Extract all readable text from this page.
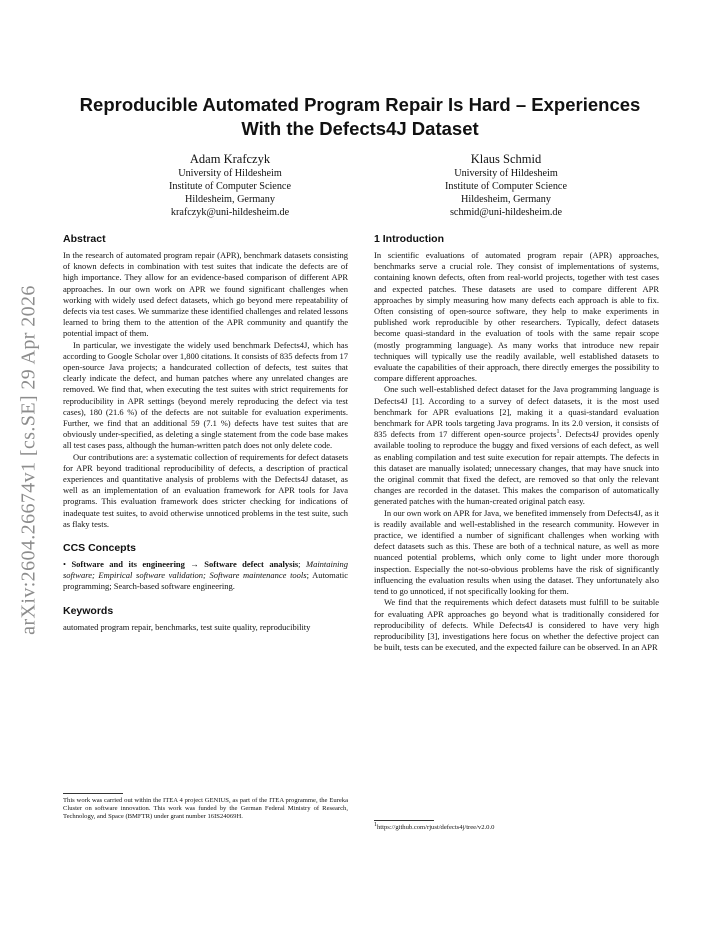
arXiv:2604.26674v1 [cs.SE] 29 Apr 2026
Reproducible Automated Program Repair Is Hard – Experiences With the Defects4J Dataset
Adam Krafczyk
University of Hildesheim
Institute of Computer Science
Hildesheim, Germany
krafczyk@uni-hildesheim.de
Klaus Schmid
University of Hildesheim
Institute of Computer Science
Hildesheim, Germany
schmid@uni-hildesheim.de
Abstract

In the research of automated program repair (APR), benchmark datasets consisting of known defects in combination with test suites that indicate the defects are of high importance. They allow for an evidence-based comparison of different APR approaches. In our own work on APR we found significant challenges when working with widely used defect datasets, which go beyond mere repeatability of defects via test cases. We summarize these identified challenges and related lessons learned to bring them to the attention of the APR community and quantify the potential impact of them.

In particular, we investigate the widely used benchmark Defects4J, which has according to Google Scholar over 1,800 citations. It consists of 835 defects from 17 open-source Java projects; a handcurated collection of defects, test suites that clearly indicate the defect, and human patches where any unrelated changes are removed. We find that, when executing the test suites with strict requirements for reproducibility in APR settings (beyond merely reproducing the defect via test cases), 180 (21.6 %) of the defects are not suitable for evaluation experiments. Further, we find that an additional 59 (7.1 %) defects have test suites that are obviously under-specified, as deleting a single statement from the code base makes all test cases pass, although the human-written patch does not only delete code.

Our contributions are: a systematic collection of requirements for defect datasets for APR beyond traditional reproducibility of defects, a description of practical experiences and quantitative analysis of problems with the Defects4J dataset, as well as an implementation of an evaluation framework for APR tools for Java programs. This evaluation framework does stricter checking for indications of inadequate test suites, to avoid otherwise unnoticed problems in the test suite, such as flaky tests.

CCS Concepts

• Software and its engineering → Software defect analysis; Maintaining software; Empirical software validation; Software maintenance tools; Automatic programming; Search-based software engineering.

Keywords

automated program repair, benchmarks, test suite quality, reproducibility

This work was carried out within the ITEA 4 project GENIUS, as part of the ITEA programme, the Eureka Cluster on software innovation. This work was funded by the German Federal Ministry of Research, Technology, and Space (BMFTR) under grant number 16IS24069H.

1 Introduction

In scientific evaluations of automated program repair (APR) approaches, benchmarks serve a crucial role. They consist of implementations of systems, containing known defects, often from real-world projects, together with test cases and expected patches. These datasets are used to compare different APR approaches by simply measuring how many defects each approach is able to fix. Often consisting of open-source software, they help to make experiments in published work reproducible by other researchers. Typically, defect datasets become quasi-standard in the evaluation of tools with the same repair scope (mostly programming language). As many works that introduce new repair techniques will typically use the readily available, well established datasets to evaluate the capabilities of their approach, there directly emerges the possibility to compare different approaches.

One such well-established defect dataset for the Java programming language is Defects4J [1]. According to a survey of defect datasets, it is the most used benchmark for APR evaluations [2], making it a quasi-standard evaluation benchmark for APR tools targeting Java programs. In its 2.0 version, it consists of 835 defects from 17 different open-source projects$^1$. Defects4J provides openly available tooling to reproduce the buggy and fixed versions of each defect, as well as enabling compilation and test suite execution for repair attempts. The defects in this dataset are manually isolated; unnecessary changes, that may have snuck into the original commit that fixed the defect, are removed so that only the relevant changes are recorded in the dataset. This makes the comparison of automatically generated patches with the human-created original patch easy.

In our own work on APR for Java, we benefited immensely from Defects4J, as it is readily available and well-established in the research community. However in practice, we identified a number of significant challenges when working with defect datasets such as this. These are both of a technical nature, as well as more nuanced potential problems, which only come to light under more thorough inspection. Especially the not-so-obvious problems have the risk of significantly influencing the evaluation results when using the dataset. They unfortunately also tend to go unnoticed, if not specifically looking for them.

We find that the requirements which defect datasets must fulfill to be suitable for evaluating APR approaches go beyond what is traditionally considered for reproducibility of defects. While Defects4J is considered to have very high reproducibility [3], investigations here focus on whether the defective project can be built, tests can be executed, and the expected failure can be observed. In an APR

$^1$https://github.com/rjust/defects4j/tree/v2.0.0
